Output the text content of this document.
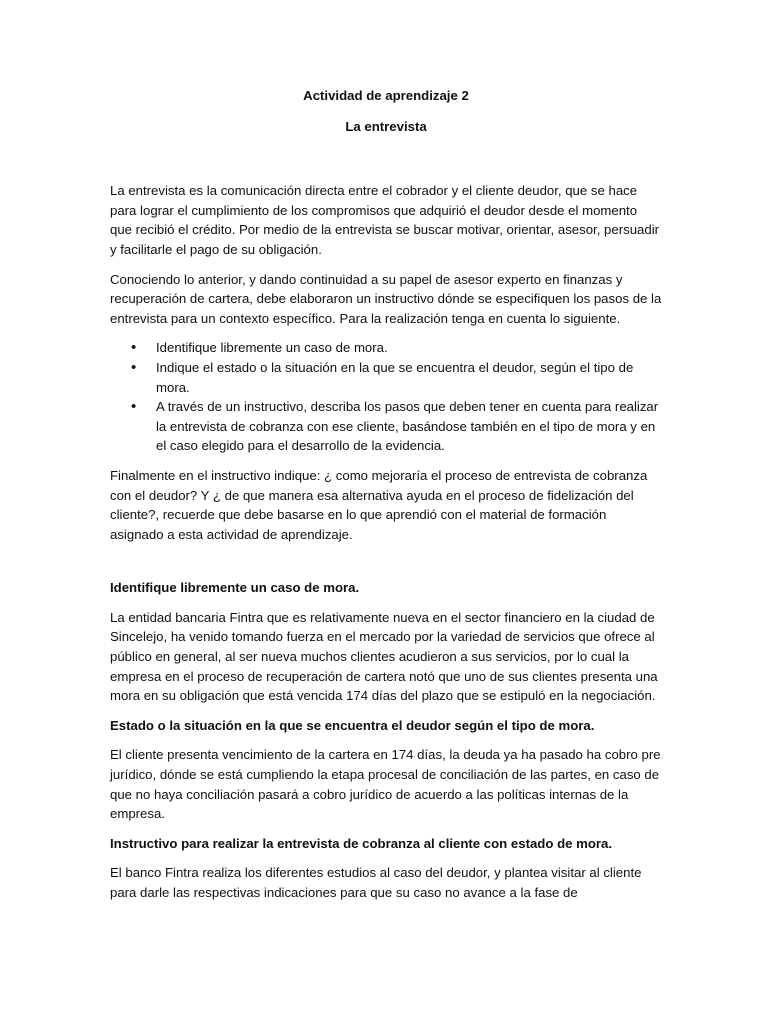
Actividad de aprendizaje 2

La entrevista

La entrevista es la comunicación directa entre el cobrador y el cliente deudor, que se hace para lograr el cumplimiento de los compromisos que adquirió el deudor desde el momento que recibió el crédito. Por medio de la entrevista se buscar motivar, orientar, asesor, persuadir y facilitarle el pago de su obligación.

Conociendo lo anterior, y dando continuidad a su papel de asesor experto en finanzas y recuperación de cartera, debe elaboraron un instructivo dónde se especifiquen los pasos de la entrevista para un contexto específico. Para la realización tenga en cuenta lo siguiente.

• Identifique libremente un caso de mora.
• Indique el estado o la situación en la que se encuentra el deudor, según el tipo de mora.
• A través de un instructivo, describa los pasos que deben tener en cuenta para realizar la entrevista de cobranza con ese cliente, basándose también en el tipo de mora y en el caso elegido para el desarrollo de la evidencia.

Finalmente en el instructivo indique: ¿ como mejoraría el proceso de entrevista de cobranza con el deudor? Y ¿ de que manera esa alternativa ayuda en el proceso de fidelización del cliente?, recuerde que debe basarse en lo que aprendió con el material de formación asignado a esta actividad de aprendizaje.

Identifique libremente un caso de mora.

La entidad bancaria Fintra que es relativamente nueva en el sector financiero en la ciudad de Sincelejo, ha venido tomando fuerza en el mercado por la variedad de servicios que ofrece al público en general, al ser nueva muchos clientes acudieron a sus servicios, por lo cual la empresa en el proceso de recuperación de cartera notó que uno de sus clientes presenta una mora en su obligación que está vencida 174 días del plazo que se estipuló en la negociación.

Estado o la situación en la que se encuentra el deudor según el tipo de mora.

El cliente presenta vencimiento de la cartera en 174 días, la deuda ya ha pasado ha cobro pre jurídico, dónde se está cumpliendo la etapa procesal de conciliación de las partes, en caso de que no haya conciliación pasará a cobro jurídico de acuerdo a las políticas internas de la empresa.

Instructivo para realizar la entrevista de cobranza al cliente con estado de mora.

El banco Fintra realiza los diferentes estudios al caso del deudor, y plantea visitar al cliente para darle las respectivas indicaciones para que su caso no avance a la fase de
